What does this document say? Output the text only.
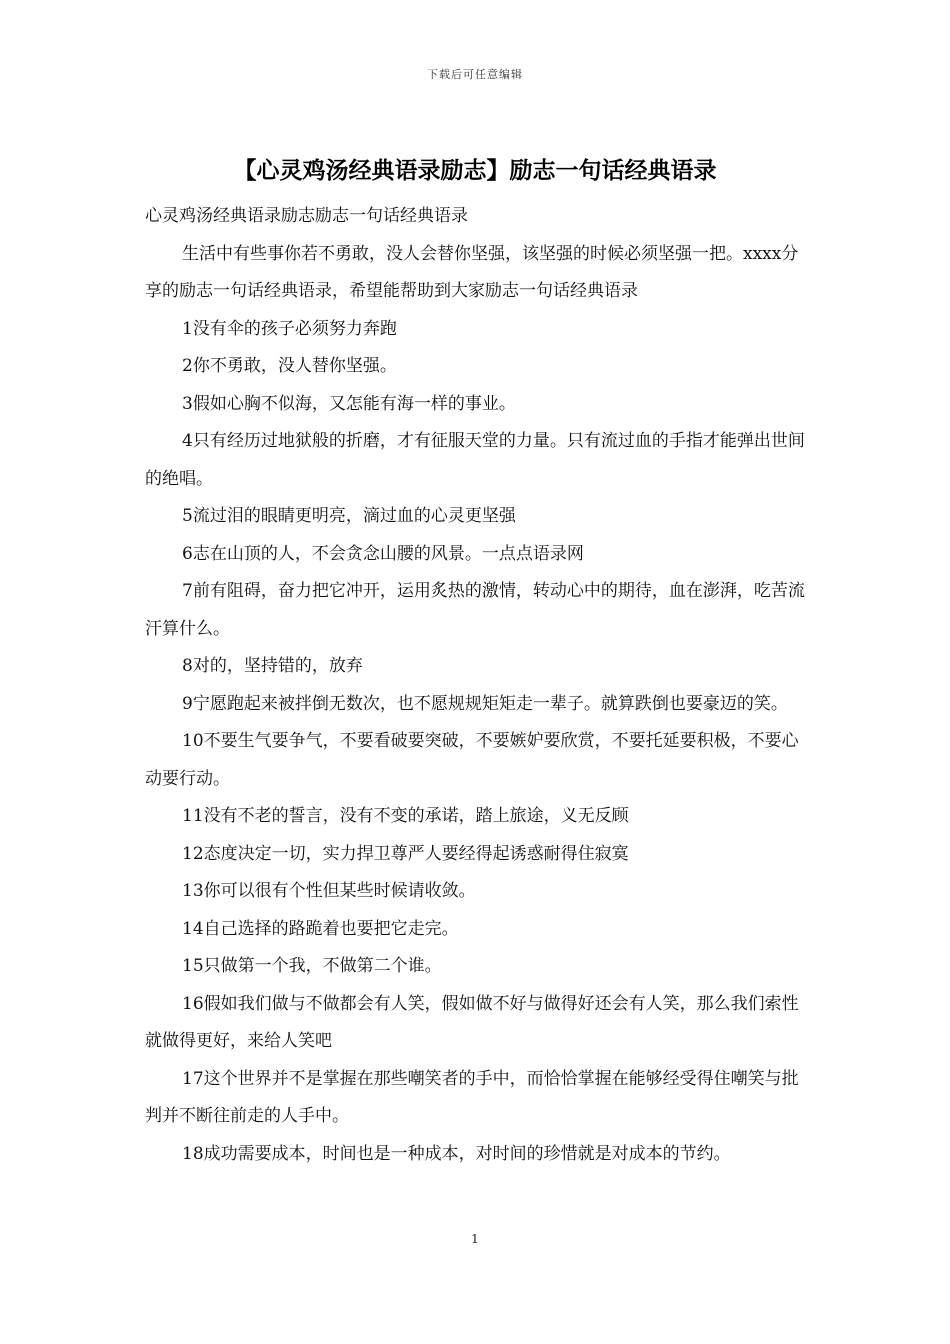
下载后可任意编辑
【心灵鸡汤经典语录励志】励志一句话经典语录

心灵鸡汤经典语录励志励志一句话经典语录

生活中有些事你若不勇敢，没人会替你坚强，该坚强的时候必须坚强一把。xxxx分享的励志一句话经典语录，希望能帮助到大家励志一句话经典语录

1没有伞的孩子必须努力奔跑

2你不勇敢，没人替你坚强。

3假如心胸不似海，又怎能有海一样的事业。

4只有经历过地狱般的折磨，才有征服天堂的力量。只有流过血的手指才能弹出世间的绝唱。

5流过泪的眼睛更明亮，滴过血的心灵更坚强

6志在山顶的人，不会贪念山腰的风景。一点点语录网

7前有阻碍，奋力把它冲开，运用炙热的激情，转动心中的期待，血在澎湃，吃苦流汗算什么。

8对的，坚持错的，放弃

9宁愿跑起来被拌倒无数次，也不愿规规矩矩走一辈子。就算跌倒也要豪迈的笑。

10不要生气要争气，不要看破要突破，不要嫉妒要欣赏，不要托延要积极，不要心动要行动。

11没有不老的誓言，没有不变的承诺，踏上旅途，义无反顾

12态度决定一切，实力捍卫尊严人要经得起诱惑耐得住寂寞

13你可以很有个性但某些时候请收敛。

14自己选择的路跪着也要把它走完。

15只做第一个我，不做第二个谁。

16假如我们做与不做都会有人笑，假如做不好与做得好还会有人笑，那么我们索性就做得更好，来给人笑吧

17这个世界并不是掌握在那些嘲笑者的手中，而恰恰掌握在能够经受得住嘲笑与批判并不断往前走的人手中。

18成功需要成本，时间也是一种成本，对时间的珍惜就是对成本的节约。

1
